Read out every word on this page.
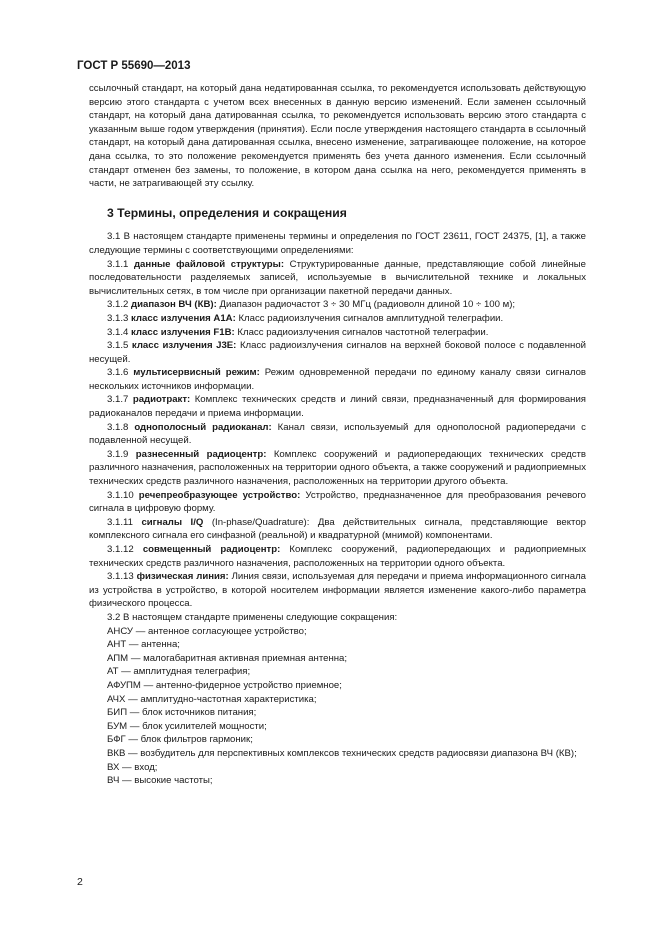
ГОСТ Р 55690—2013

ссылочный стандарт, на который дана недатированная ссылка, то рекомендуется использовать действующую версию этого стандарта с учетом всех внесенных в данную версию изменений. Если заменен ссылочный стандарт, на который дана датированная ссылка, то рекомендуется использовать версию этого стандарта с указанным выше годом утверждения (принятия). Если после утверждения настоящего стандарта в ссылочный стандарт, на который дана датированная ссылка, внесено изменение, затрагивающее положение, на которое дана ссылка, то это положение рекомендуется применять без учета данного изменения. Если ссылочный стандарт отменен без замены, то положение, в котором дана ссылка на него, рекомендуется применять в части, не затрагивающей эту ссылку.

3 Термины, определения и сокращения

3.1 В настоящем стандарте применены термины и определения по ГОСТ 23611, ГОСТ 24375, [1], а также следующие термины с соответствующими определениями:

3.1.1 данные файловой структуры: Структурированные данные, представляющие собой линейные последовательности разделяемых записей, используемые в вычислительной технике и локальных вычислительных сетях, в том числе при организации пакетной передачи данных.

3.1.2 диапазон ВЧ (КВ): Диапазон радиочастот 3 ÷ 30 МГц (радиоволн длиной 10 ÷ 100 м);

3.1.3 класс излучения A1A: Класс радиоизлучения сигналов амплитудной телеграфии.

3.1.4 класс излучения F1B: Класс радиоизлучения сигналов частотной телеграфии.

3.1.5 класс излучения J3E: Класс радиоизлучения сигналов на верхней боковой полосе с подавленной несущей.

3.1.6 мультисервисный режим: Режим одновременной передачи по единому каналу связи сигналов нескольких источников информации.

3.1.7 радиотракт: Комплекс технических средств и линий связи, предназначенный для формирования радиоканалов передачи и приема информации.

3.1.8 однополосный радиоканал: Канал связи, используемый для однополосной радиопередачи с подавленной несущей.

3.1.9 разнесенный радиоцентр: Комплекс сооружений и радиопередающих технических средств различного назначения, расположенных на территории одного объекта, а также сооружений и радиоприемных технических средств различного назначения, расположенных на территории другого объекта.

3.1.10 речепреобразующее устройство: Устройство, предназначенное для преобразования речевого сигнала в цифровую форму.

3.1.11 сигналы I/Q (In-phase/Quadrature): Два действительных сигнала, представляющие вектор комплексного сигнала его синфазной (реальной) и квадратурной (мнимой) компонентами.

3.1.12 совмещенный радиоцентр: Комплекс сооружений, радиопередающих и радиоприемных технических средств различного назначения, расположенных на территории одного объекта.

3.1.13 физическая линия: Линия связи, используемая для передачи и приема информационного сигнала из устройства в устройство, в которой носителем информации является изменение какого-либо параметра физического процесса.

3.2 В настоящем стандарте применены следующие сокращения:

АНСУ — антенное согласующее устройство;

АНТ — антенна;

АПМ — малогабаритная активная приемная антенна;

АТ — амплитудная телеграфия;

АФУПМ — антенно-фидерное устройство приемное;

АЧХ — амплитудно-частотная характеристика;

БИП — блок источников питания;

БУМ — блок усилителей мощности;

БФГ — блок фильтров гармоник;

ВКВ — возбудитель для перспективных комплексов технических средств радиосвязи диапазона ВЧ (КВ);

ВХ — вход;

ВЧ — высокие частоты;

2
